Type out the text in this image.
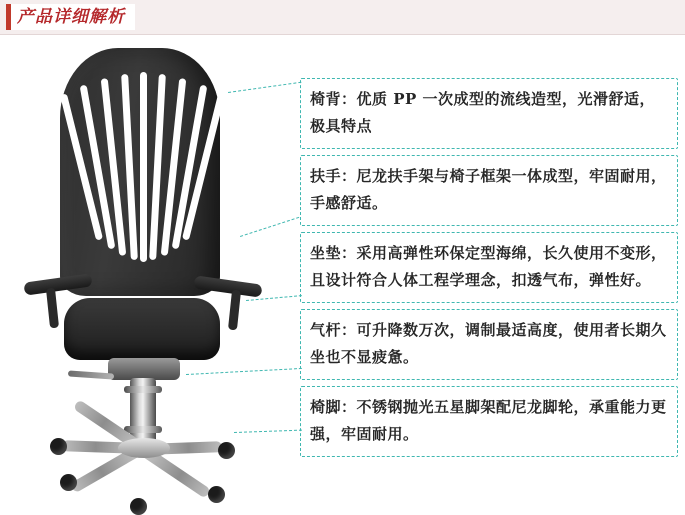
产品详细解析

椅背：优质 PP 一次成型的流线造型，光滑舒适，极具特点

扶手：尼龙扶手架与椅子框架一体成型，牢固耐用，手感舒适。

坐垫：采用高弹性环保定型海绵，长久使用不变形，且设计符合人体工程学理念，扣透气布，弹性好。

气杆：可升降数万次，调制最适高度，使用者长期久坐也不显疲惫。

椅脚：不锈钢抛光五星脚架配尼龙脚轮，承重能力更强，牢固耐用。
